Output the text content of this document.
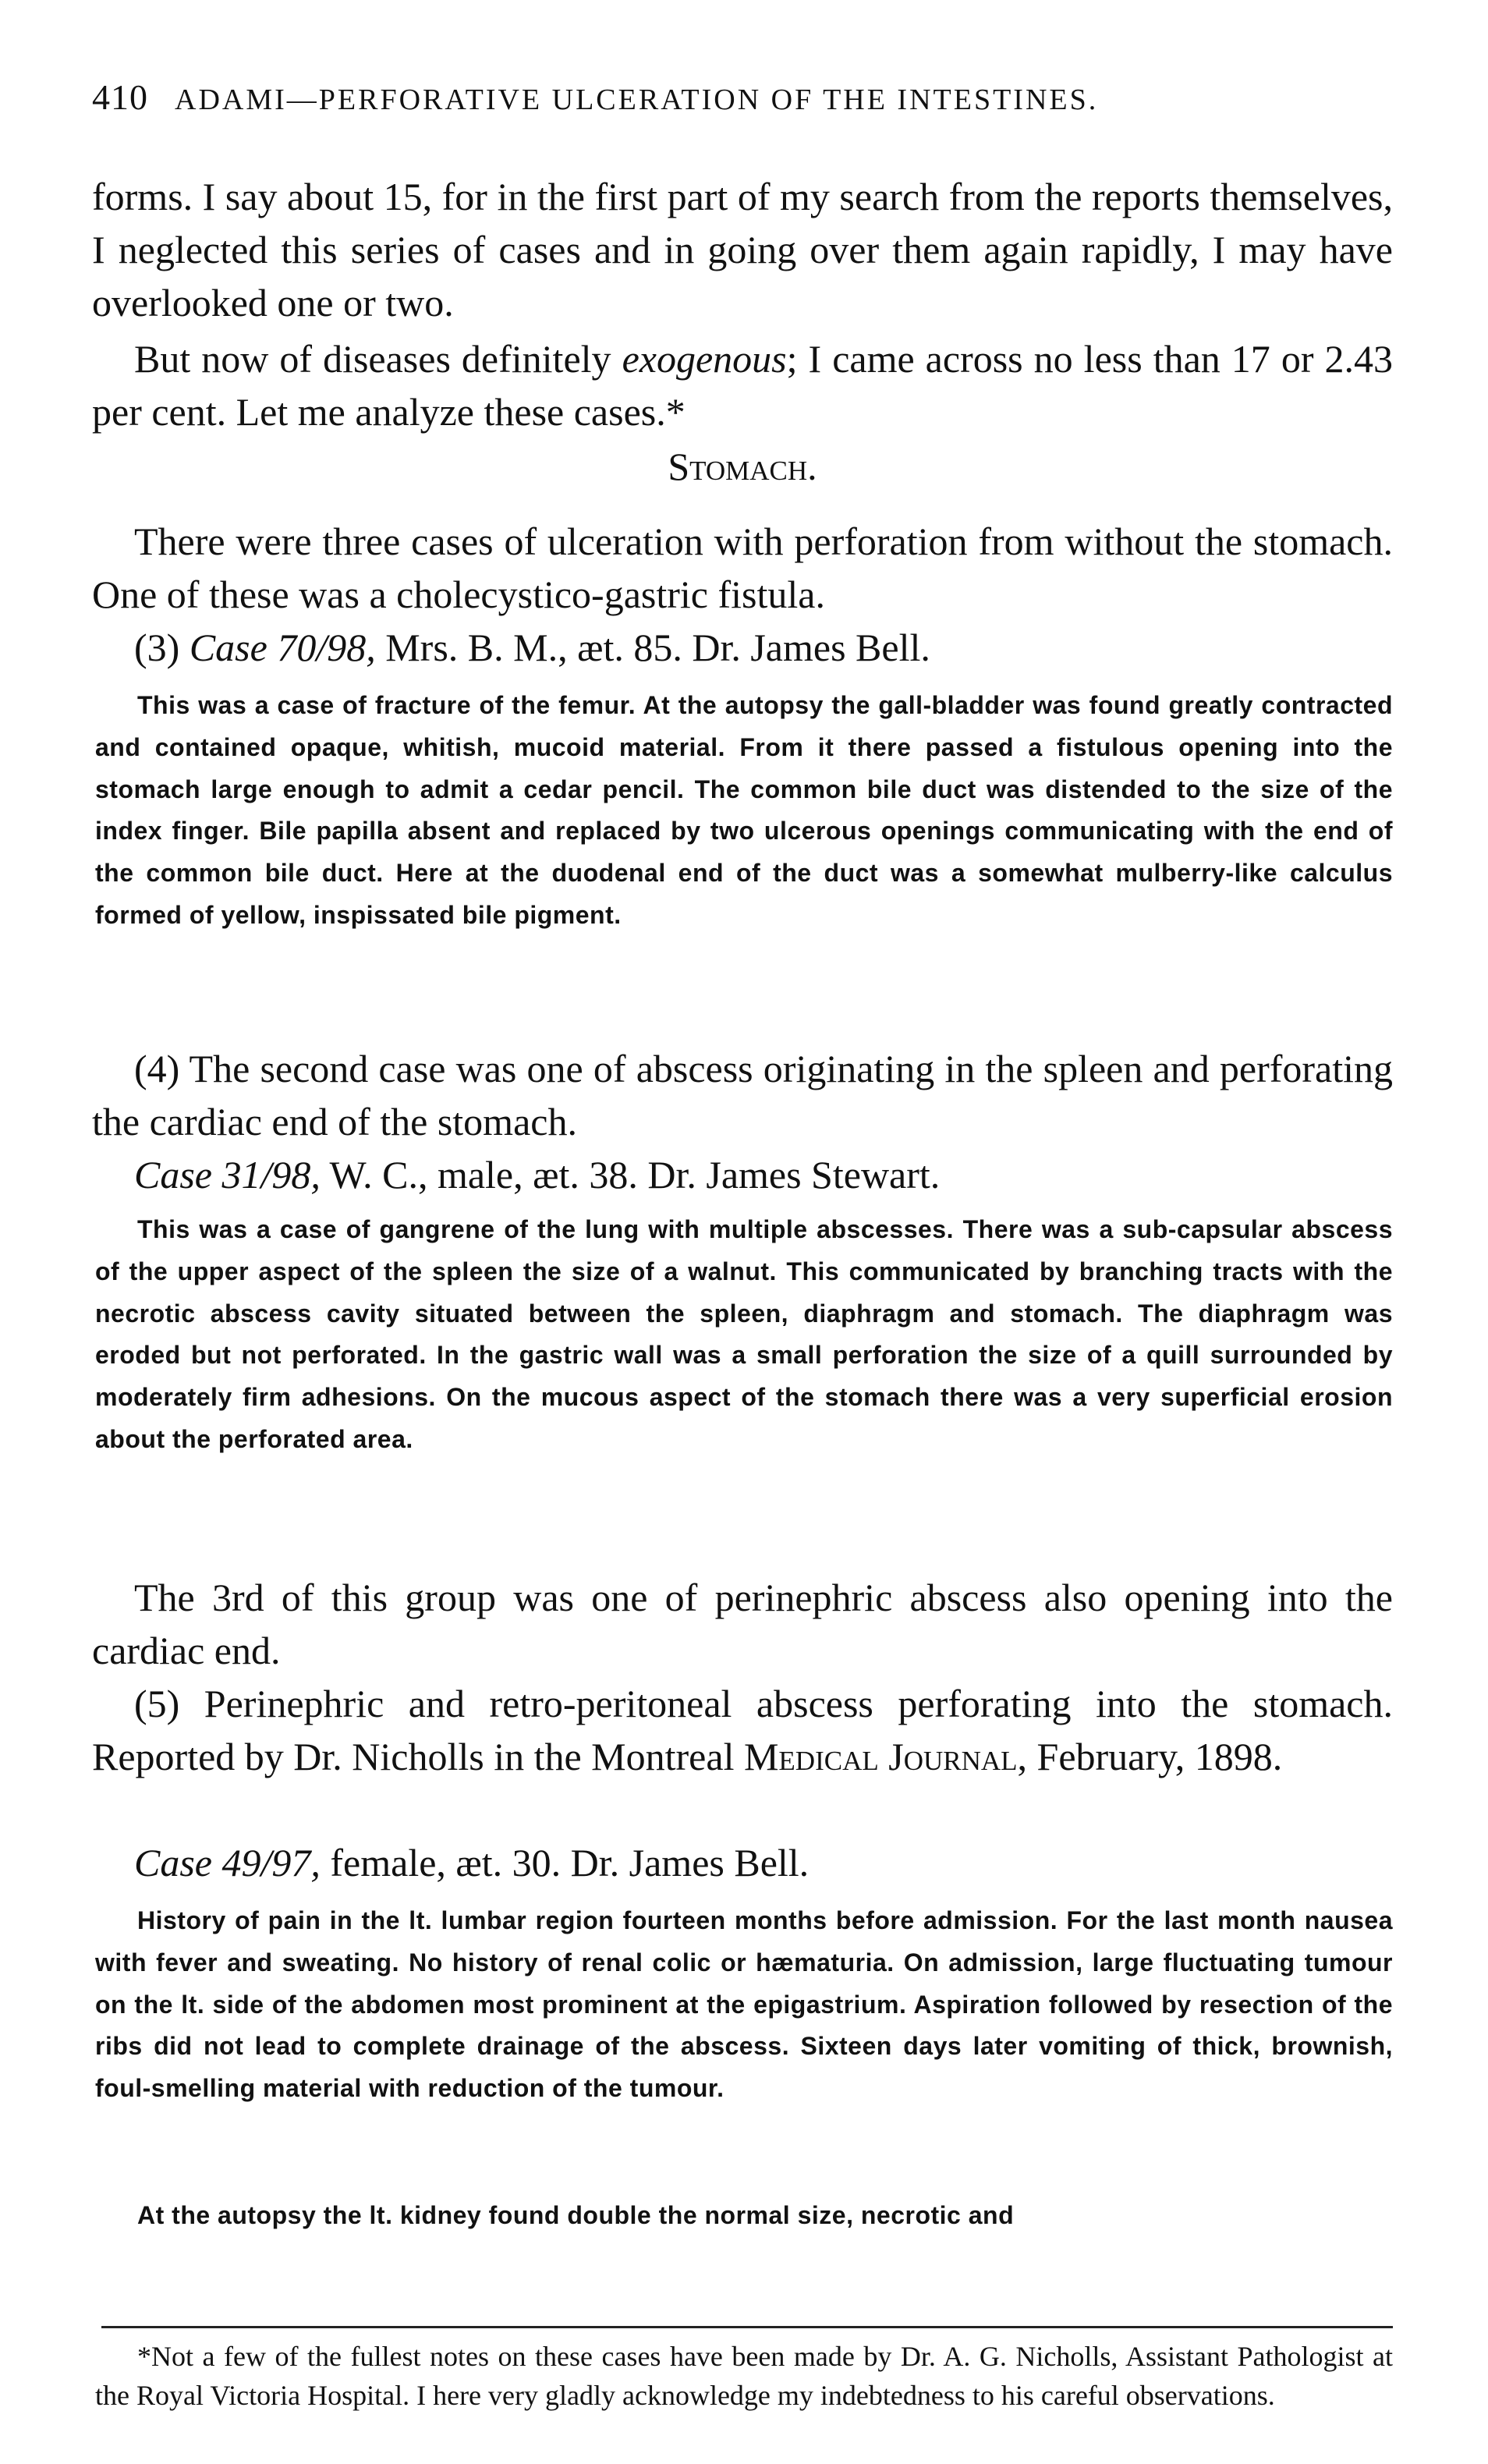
410 ADAMI—PERFORATIVE ULCERATION OF THE INTESTINES.

forms. I say about 15, for in the first part of my search from the reports themselves, I neglected this series of cases and in going over them again rapidly, I may have overlooked one or two.

But now of diseases definitely exogenous; I came across no less than 17 or 2.43 per cent. Let me analyze these cases.*

Stomach.

There were three cases of ulceration with perforation from without the stomach. One of these was a cholecystico-gastric fistula.

(3) Case 70/98, Mrs. B. M., æt. 85. Dr. James Bell.

This was a case of fracture of the femur. At the autopsy the gall-bladder was found greatly contracted and contained opaque, whitish, mucoid material. From it there passed a fistulous opening into the stomach large enough to admit a cedar pencil. The common bile duct was distended to the size of the index finger. Bile papilla absent and replaced by two ulcerous openings communicating with the end of the common bile duct. Here at the duodenal end of the duct was a somewhat mulberry-like calculus formed of yellow, inspissated bile pigment.

(4) The second case was one of abscess originating in the spleen and perforating the cardiac end of the stomach.

Case 31/98, W. C., male, æt. 38. Dr. James Stewart.

This was a case of gangrene of the lung with multiple abscesses. There was a sub-capsular abscess of the upper aspect of the spleen the size of a walnut. This communicated by branching tracts with the necrotic abscess cavity situated between the spleen, diaphragm and stomach. The diaphragm was eroded but not perforated. In the gastric wall was a small perforation the size of a quill surrounded by moderately firm adhesions. On the mucous aspect of the stomach there was a very superficial erosion about the perforated area.

The 3rd of this group was one of perinephric abscess also opening into the cardiac end.

(5) Perinephric and retro-peritoneal abscess perforating into the stomach. Reported by Dr. Nicholls in the Montreal Medical Journal, February, 1898.

Case 49/97, female, æt. 30. Dr. James Bell.

History of pain in the lt. lumbar region fourteen months before admission. For the last month nausea with fever and sweating. No history of renal colic or hæmaturia. On admission, large fluctuating tumour on the lt. side of the abdomen most prominent at the epigastrium. Aspiration followed by resection of the ribs did not lead to complete drainage of the abscess. Sixteen days later vomiting of thick, brownish, foul-smelling material with reduction of the tumour.

At the autopsy the lt. kidney found double the normal size, necrotic and

*Not a few of the fullest notes on these cases have been made by Dr. A. G. Nicholls, Assistant Pathologist at the Royal Victoria Hospital. I here very gladly acknowledge my indebtedness to his careful observations.
